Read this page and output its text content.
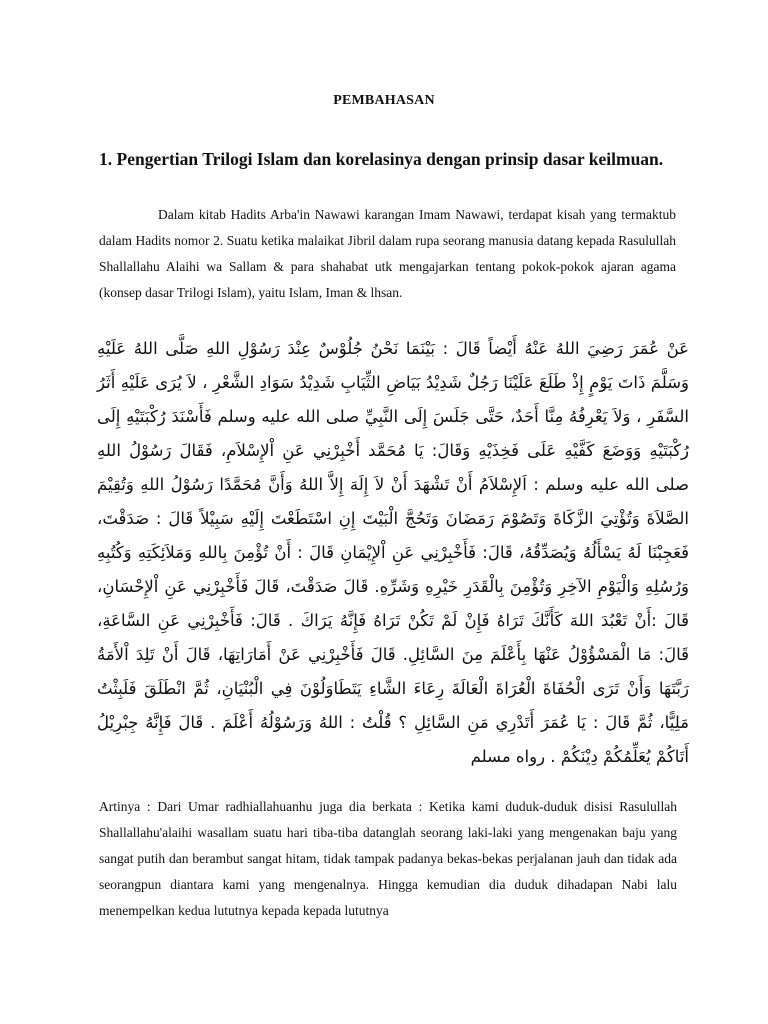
PEMBAHASAN
1. Pengertian Trilogi Islam dan korelasinya dengan prinsip dasar keilmuan.

Dalam kitab Hadits Arba'in Nawawi karangan Imam Nawawi, terdapat kisah yang termaktub dalam Hadits nomor 2. Suatu ketika malaikat Jibril dalam rupa seorang manusia datang kepada Rasulullah Shallallahu Alaihi wa Sallam & para shahabat utk mengajarkan tentang pokok-pokok ajaran agama (konsep dasar Trilogi Islam), yaitu Islam, Iman & lhsan.

عَنْ عُمَرَ رَضِيَ اللهُ عَنْهُ أَيْضاً قَالَ : بَيْنَمَا نَحْنُ جُلُوْسٌ عِنْدَ رَسُوْلِ اللهِ صَلَّى اللهُ عَلَيْهِ وَسَلَّمَ ذَاتَ يَوْمٍ إِذْ طَلَعَ عَلَيْنَا رَجُلٌ شَدِيْدُ بَيَاضِ الثِّيَابِ شَدِيْدُ سَوَادِ الشَّعْرِ ، لاَ يُرَى عَلَيْهِ أَثَرُ السَّفَرِ ، وَلاَ يَعْرِفُهُ مِنَّا أَحَدٌ، حَتَّى جَلَسَ إِلَى النَّبِيِّ صلى الله عليه وسلم فَأَسْنَدَ رُكْبَتَيْهِ إِلَى رُكْبَتَيْهِ وَوَضَعَ كَفَّيْهِ عَلَى فَخِذَيْهِ وَقَالَ: يَا مُحَمَّد أَخْبِرْنِي عَنِ اْلإِسْلاَمِ، فَقَالَ رَسُوْلُ اللهِ صلى الله عليه وسلم : اَلإِسْلاَمُ أَنْ تَشْهَدَ أَنْ لاَ إِلَهَ إِلاَّ اللهُ وَأَنَّ مُحَمَّدًا رَسُوْلُ اللهِ وَتُقِيْمَ الصَّلاَةَ وَتُؤْتِيَ الزَّكَاةَ وَتَصُوْمَ رَمَضَانَ وَتَحُجَّ الْبَيْتَ إِنِ اسْتَطَعْتَ إِلَيْهِ سَبِيْلاً قَالَ : صَدَقْتَ، فَعَجِبْنَا لَهُ يَسْأَلُهُ وَيُصَدِّقُهُ، قَالَ: فَأَخْبِرْنِي عَنِ اْلإِيْمَانِ قَالَ : أَنْ تُؤْمِنَ بِاللهِ وَمَلاَئِكَتِهِ وَكُتُبِهِ وَرُسُلِهِ وَالْيَوْمِ الآخِرِ وَتُؤْمِنَ بِالْقَدَرِ خَيْرِهِ وَشَرِّهِ. قَالَ صَدَقْتَ، قَالَ فَأَخْبِرْنِي عَنِ اْلإِحْسَانِ، قَالَ :أَنْ تَعْبُدَ اللهَ كَأَنَّكَ تَرَاهُ فَإِنْ لَمْ تَكُنْ تَرَاهُ فَإِنَّهُ يَرَاكَ . قَالَ: فَأَخْبِرْنِي عَنِ السَّاعَةِ، قَالَ: مَا الْمَسْؤُوْلُ عَنْهَا بِأَعْلَمَ مِنَ السَّائِلِ. قَالَ فَأَخْبِرْنِي عَنْ أَمَارَاتِهَا، قَالَ أَنْ تَلِدَ اْلأَمَةُ رَبَّتَهَا وَأَنْ تَرَى الْحُفَاةَ الْعُرَاةَ الْعَالَةَ رِعَاءَ الشَّاءِ يَتَطَاوَلُوْنَ فِي الْبُنْيَانِ، ثُمَّ انْطَلَقَ فَلَبِثْتُ مَلِيًّا، ثُمَّ قَالَ : يَا عُمَرَ أَتَدْرِي مَنِ السَّائِلِ ؟ قُلْتُ : اللهُ وَرَسُوْلُهُ أَعْلَمَ . قَالَ فَإِنَّهُ جِبْرِيْلُ أَتَاكُمْ يُعَلِّمُكُمْ دِيْنَكُمْ . رواه مسلم

Artinya : Dari Umar radhiallahuanhu juga dia berkata : Ketika kami duduk-duduk disisi Rasulullah Shallallahu'alaihi wasallam suatu hari tiba-tiba datanglah seorang laki-laki yang mengenakan baju yang sangat putih dan berambut sangat hitam, tidak tampak padanya bekas-bekas perjalanan jauh dan tidak ada seorangpun diantara kami yang mengenalnya. Hingga kemudian dia duduk dihadapan Nabi lalu menempelkan kedua lututnya kepada kepada lututnya
